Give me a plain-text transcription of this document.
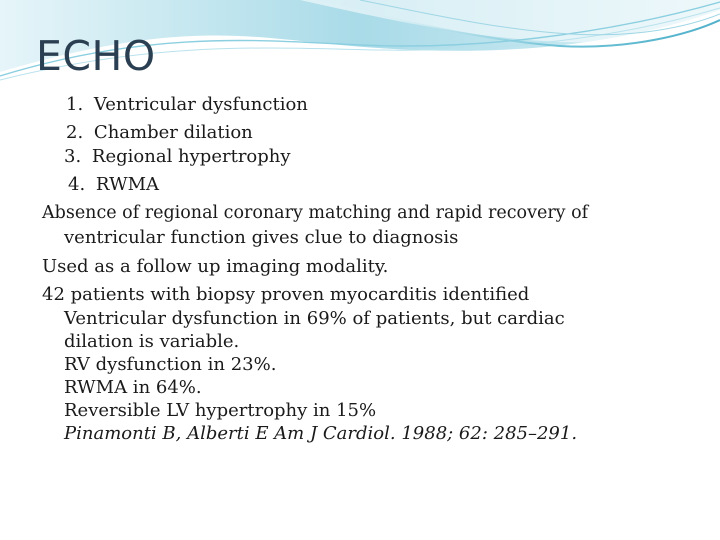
ECHO
1. Ventricular dysfunction
2. Chamber dilation
3. Regional hypertrophy
4. RWMA
Absence of regional coronary matching and rapid recovery of
ventricular function gives clue to diagnosis
Used as a follow up imaging modality.
42 patients with biopsy proven myocarditis identified
Ventricular dysfunction in 69% of patients, but cardiac
dilation is variable.
RV dysfunction in 23%.
RWMA in 64%.
Reversible LV hypertrophy in 15%
Pinamonti B, Alberti E Am J Cardiol. 1988; 62: 285–291.
